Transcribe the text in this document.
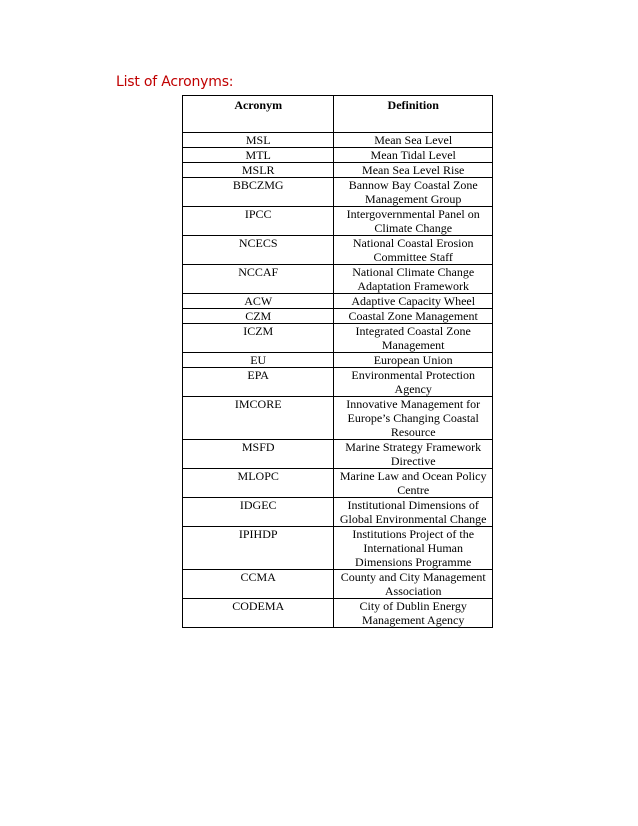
List of Acronyms:
Acronym	Definition
MSL	Mean Sea Level
MTL	Mean Tidal Level
MSLR	Mean Sea Level Rise
BBCZMG	Bannow Bay Coastal Zone Management Group
IPCC	Intergovernmental Panel on Climate Change
NCECS	National Coastal Erosion Committee Staff
NCCAF	National Climate Change Adaptation Framework
ACW	Adaptive Capacity Wheel
CZM	Coastal Zone Management
ICZM	Integrated Coastal Zone Management
EU	European Union
EPA	Environmental Protection Agency
IMCORE	Innovative Management for Europe’s Changing Coastal Resource
MSFD	Marine Strategy Framework Directive
MLOPC	Marine Law and Ocean Policy Centre
IDGEC	Institutional Dimensions of Global Environmental Change
IPIHDP	Institutions Project of the International Human Dimensions Programme
CCMA	County and City Management Association
CODEMA	City of Dublin Energy Management Agency
